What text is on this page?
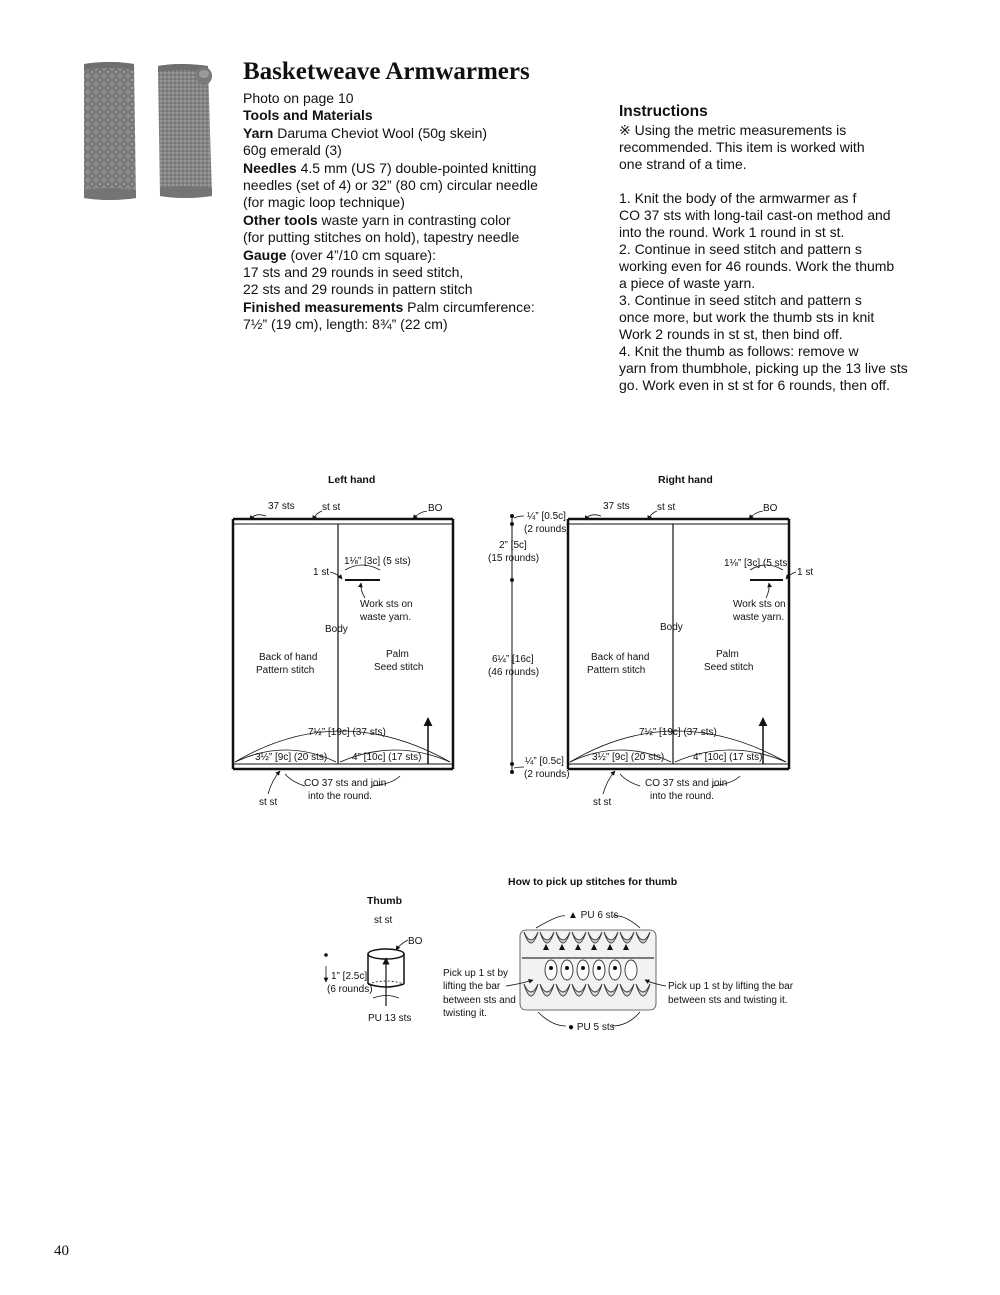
Basketweave Armwarmers
Photo on page 10
Tools and Materials
Yarn Daruma Cheviot Wool (50g skein)
60g emerald (3)
Needles 4.5 mm (US 7) double-pointed knitting
needles (set of 4) or 32” (80 cm) circular needle
(for magic loop technique)
Other tools waste yarn in contrasting color
(for putting stitches on hold), tapestry needle
Gauge (over 4”/10 cm square):
17 sts and 29 rounds in seed stitch,
22 sts and 29 rounds in pattern stitch
Finished measurements Palm circumference:
7½” (19 cm), length: 8¾” (22 cm)
Instructions
※ Using the metric measurements is
recommended. This item is worked with
one strand of a time.
1. Knit the body of the armwarmer as f
CO 37 sts with long-tail cast-on method and
into the round. Work 1 round in st st.
2. Continue in seed stitch and pattern s
working even for 46 rounds. Work the thumb
a piece of waste yarn.
3. Continue in seed stitch and pattern s
once more, but work the thumb sts in knit
Work 2 rounds in st st, then bind off.
4. Knit the thumb as follows: remove w
yarn from thumbhole, picking up the 13 live sts
go. Work even in st st for 6 rounds, then off.
Left hand
37 sts	st st	BO
1 st
1⅛” [3c] (5 sts)
Work sts on
waste yarn.
Body
Back of hand
Pattern stitch
Palm
Seed stitch
7½” [19c] (37 sts)
3½” [9c] (20 sts) 4” [10c] (17 sts)
CO 37 sts and join
into the round.
st st
Right hand
¼” [0.5c]
(2 rounds)
2” [5c]
(15 rounds)
6¼” [16c]
(46 rounds)
¼” [0.5c]
(2 rounds)
37 sts	st st	BO
1 st
1⅛” [3c] (5 sts)
Work sts on
waste yarn.
Body
Back of hand
Pattern stitch
Palm
Seed stitch
7½” [19c] (37 sts)
3½” [9c] (20 sts)	4” [10c] (17 sts)
CO 37 sts and join
into the round.
st st
Thumb
st st
BO
1” [2.5c]
(6 rounds)
PU 13 sts
How to pick up stitches for thumb
▲ PU 6 sts
● PU 5 sts
Pick up 1 st by
lifting the bar
between sts and
twisting it.
Pick up 1 st by lifting the bar
between sts and twisting it.
40
